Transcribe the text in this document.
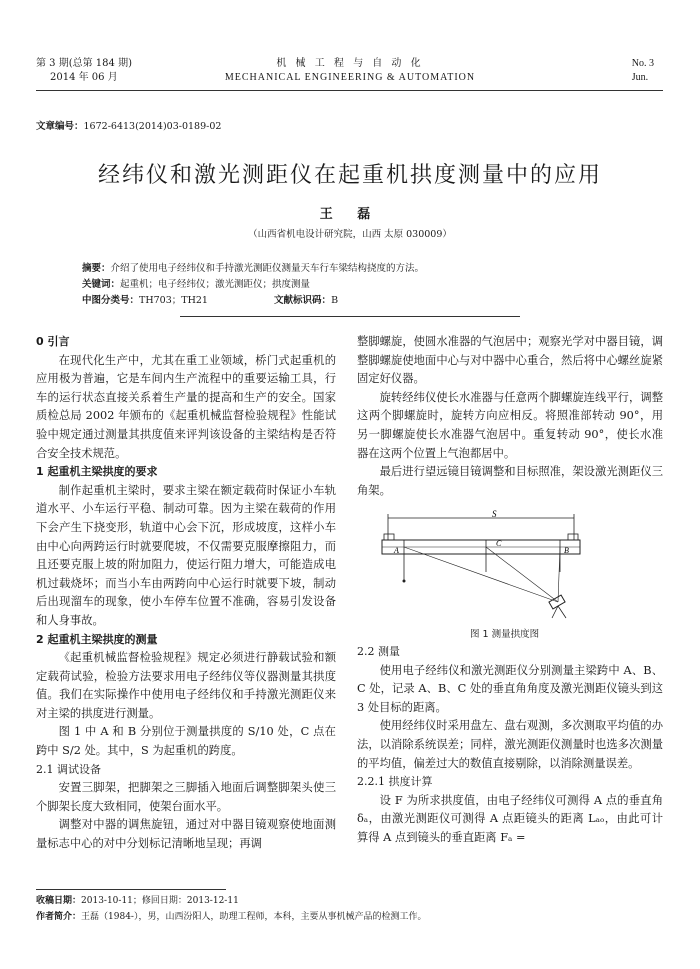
第 3 期(总第 184 期)
2014 年 06 月
机 械 工 程 与 自 动 化
MECHANICAL ENGINEERING & AUTOMATION
No. 3
Jun.
文章编号：1672-6413(2014)03-0189-02
经纬仪和激光测距仪在起重机拱度测量中的应用
王 磊
（山西省机电设计研究院，山西 太原 030009）
摘要：介绍了使用电子经纬仪和手持激光测距仪测量天车行车梁结构挠度的方法。
关键词：起重机；电子经纬仪；激光测距仪；拱度测量
中图分类号：TH703；TH21	文献标识码：B

0 引言

在现代化生产中，尤其在重工业领域，桥门式起重机的应用极为普遍，它是车间内生产流程中的重要运输工具，行车的运行状态直接关系着生产量的提高和生产的安全。国家质检总局 2002 年颁布的《起重机械监督检验规程》性能试验中规定通过测量其拱度值来评判该设备的主梁结构是否符合安全技术规范。

1 起重机主梁拱度的要求

制作起重机主梁时，要求主梁在额定载荷时保证小车轨道水平、小车运行平稳、制动可靠。因为主梁在载荷的作用下会产生下挠变形，轨道中心会下沉，形成坡度，这样小车由中心向两跨运行时就要爬坡，不仅需要克服摩擦阻力，而且还要克服上坡的附加阻力，使运行阻力增大，可能造成电机过载烧坏；而当小车由两跨向中心运行时就要下坡，制动后出现溜车的现象，使小车停车位置不准确，容易引发设备和人身事故。

2 起重机主梁拱度的测量

《起重机械监督检验规程》规定必须进行静载试验和额定载荷试验，检验方法要求用电子经纬仪等仪器测量其拱度值。我们在实际操作中使用电子经纬仪和手持激光测距仪来对主梁的拱度进行测量。

图 1 中 A 和 B 分别位于测量拱度的 S/10 处，C 点在跨中 S/2 处。其中，S 为起重机的跨度。

2.1 调试设备

安置三脚架，把脚架之三脚插入地面后调整脚架头使三个脚架长度大致相同，使架台面水平。

调整对中器的调焦旋钮，通过对中器目镜观察使地面测量标志中心的对中分划标记清晰地呈现；再调

整脚螺旋，使圆水准器的气泡居中；观察光学对中器目镜，调整脚螺旋使地面中心与对中器中心重合，然后将中心螺丝旋紧固定好仪器。

旋转经纬仪使长水准器与任意两个脚螺旋连线平行，调整这两个脚螺旋时，旋转方向应相反。将照准部转动 90°，用另一脚螺旋使长水准器气泡居中。重复转动 90°，使长水准器在这两个位置上气泡都居中。

最后进行望远镜目镜调整和目标照准，架设激光测距仪三角架。

S
A
C
B
图 1 测量拱度图

2.2 测量

使用电子经纬仪和激光测距仪分别测量主梁跨中 A、B、C 处，记录 A、B、C 处的垂直角角度及激光测距仪镜头到这 3 处目标的距离。

使用经纬仪时采用盘左、盘右观测，多次测取平均值的办法，以消除系统误差；同样，激光测距仪测量时也选多次测量的平均值，偏差过大的数值直接剔除，以消除测量误差。

2.2.1 拱度计算

设 F 为所求拱度值，由电子经纬仪可测得 A 点的垂直角 δₐ，由激光测距仪可测得 A 点距镜头的距离 Lₐₒ，由此可计算得 A 点到镜头的垂直距离 Fₐ =

收稿日期：2013-10-11；修回日期：2013-12-11
作者简介：王磊（1984-），男，山西汾阳人，助理工程师，本科，主要从事机械产品的检测工作。
